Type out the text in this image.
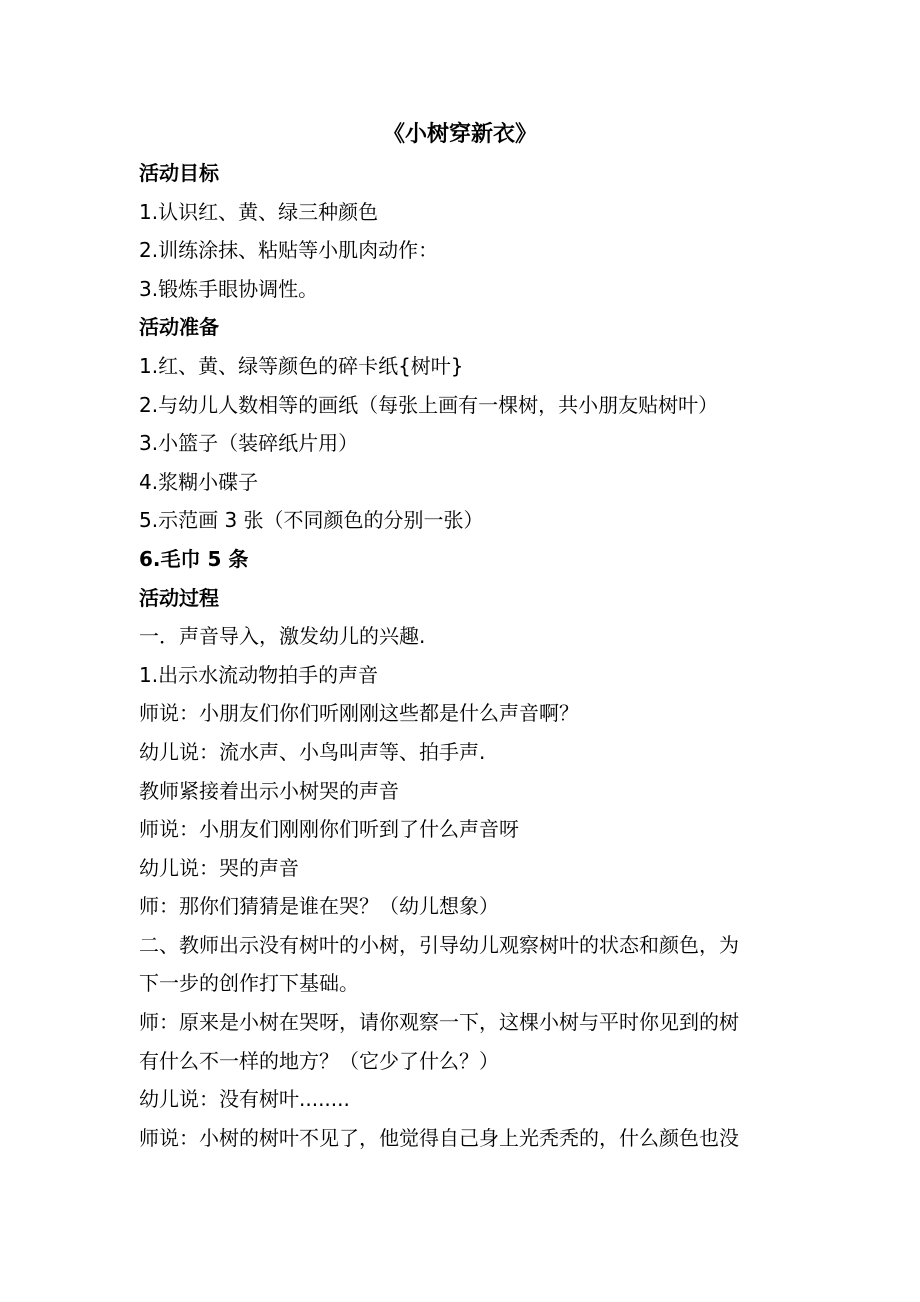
《小树穿新衣》
活动目标
1.认识红、黄、绿三种颜色
2.训练涂抹、粘贴等小肌肉动作：
3.锻炼手眼协调性。
活动准备
1.红、黄、绿等颜色的碎卡纸{树叶}
2.与幼儿人数相等的画纸（每张上画有一棵树，共小朋友贴树叶）
3.小篮子（装碎纸片用）
4.浆糊小碟子
5.示范画 3 张（不同颜色的分别一张）
6.毛巾 5 条
活动过程
一．声音导入，激发幼儿的兴趣.
1.出示水流动物拍手的声音
师说：小朋友们你们听刚刚这些都是什么声音啊？
幼儿说：流水声、小鸟叫声等、拍手声.
教师紧接着出示小树哭的声音
师说：小朋友们刚刚你们听到了什么声音呀
幼儿说：哭的声音
师：那你们猜猜是谁在哭？（幼儿想象）
二、教师出示没有树叶的小树，引导幼儿观察树叶的状态和颜色，为
下一步的创作打下基础。
师：原来是小树在哭呀，请你观察一下，这棵小树与平时你见到的树
有什么不一样的地方？（它少了什么？）
幼儿说：没有树叶........
师说：小树的树叶不见了，他觉得自己身上光秃秃的，什么颜色也没
